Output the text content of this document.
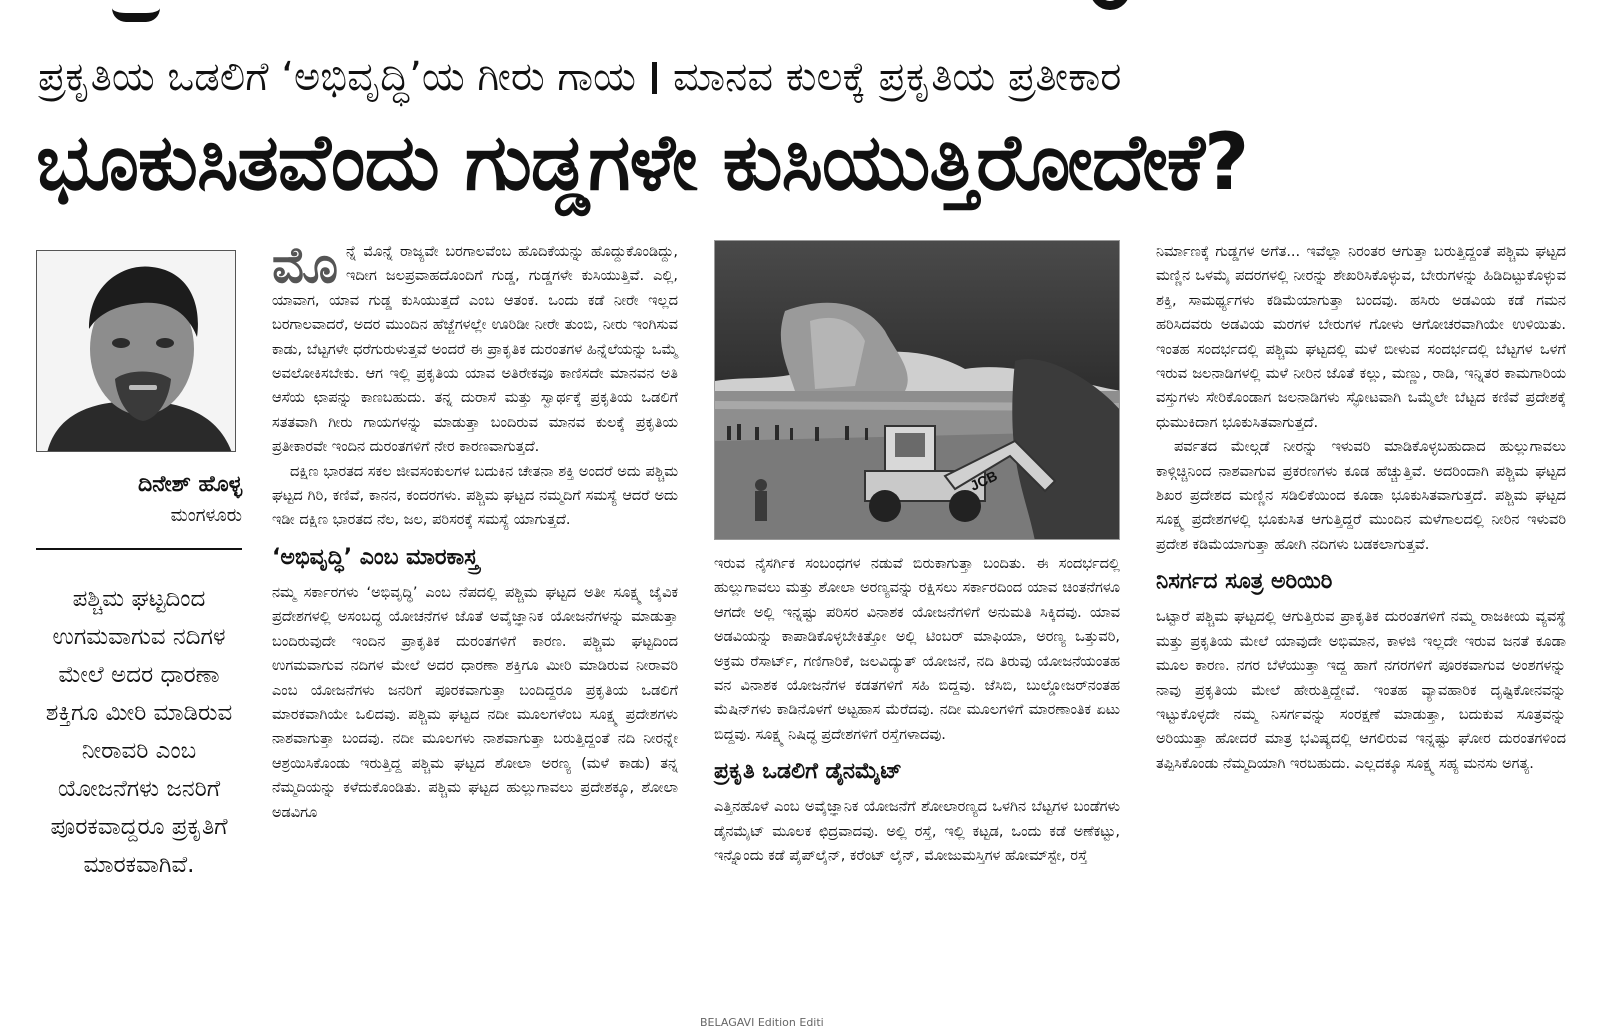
ಪ್ರಕೃತಿಯ ಒಡಲಿಗೆ ‘ಅಭಿವೃದ್ಧಿ’ಯ ಗೀರು ಗಾಯ ಮಾನವ ಕುಲಕ್ಕೆ ಪ್ರಕೃತಿಯ ಪ್ರತೀಕಾರ
ಭೂಕುಸಿತವೆಂದು ಗುಡ್ಡಗಳೇ ಕುಸಿಯುತ್ತಿರೋದೇಕೆ?
ದಿನೇಶ್ ಹೊಳ್ಳ
ಮಂಗಳೂರು
ಪಶ್ಚಿಮ ಘಟ್ಟದಿಂದ ಉಗಮವಾಗುವ ನದಿಗಳ ಮೇಲೆ ಅದರ ಧಾರಣಾ ಶಕ್ತಿಗೂ ಮೀರಿ ಮಾಡಿರುವ ನೀರಾವರಿ ಎಂಬ ಯೋಜನೆಗಳು ಜನರಿಗೆ ಪೂರಕವಾದ್ದರೂ ಪ್ರಕೃತಿಗೆ ಮಾರಕವಾಗಿವೆ.

ಮೊನ್ನೆ ಮೊನ್ನೆ ರಾಜ್ಯವೇ ಬರಗಾಲವೆಂಬ ಹೊದಿಕೆಯನ್ನು ಹೊದ್ದುಕೊಂಡಿದ್ದು, ಇದೀಗ ಜಲಪ್ರವಾಹದೊಂದಿಗೆ ಗುಡ್ಡ, ಗುಡ್ಡಗಳೇ ಕುಸಿಯುತ್ತಿವೆ. ಎಲ್ಲಿ, ಯಾವಾಗ, ಯಾವ ಗುಡ್ಡ ಕುಸಿಯುತ್ತದೆ ಎಂಬ ಆತಂಕ. ಒಂದು ಕಡೆ ನೀರೇ ಇಲ್ಲದ ಬರಗಾಲವಾದರೆ, ಅದರ ಮುಂದಿನ ಹೆಜ್ಜೆಗಳಲ್ಲೇ ಊರಿಡೀ ನೀರೇ ತುಂಬಿ, ನೀರು ಇಂಗಿಸುವ ಕಾಡು, ಬೆಟ್ಟಗಳೇ ಧರೆಗುರುಳುತ್ತವೆ ಅಂದರೆ ಈ ಪ್ರಾಕೃತಿಕ ದುರಂತಗಳ ಹಿನ್ನೆಲೆಯನ್ನು ಒಮ್ಮೆ ಅವಲೋಕಿಸಬೇಕು. ಆಗ ಇಲ್ಲಿ ಪ್ರಕೃತಿಯ ಯಾವ ಅತಿರೇಕವೂ ಕಾಣಿಸದೇ ಮಾನವನ ಅತಿ ಆಸೆಯ ಛಾಪನ್ನು ಕಾಣಬಹುದು. ತನ್ನ ದುರಾಸೆ ಮತ್ತು ಸ್ವಾರ್ಥಕ್ಕೆ ಪ್ರಕೃತಿಯ ಒಡಲಿಗೆ ಸತತವಾಗಿ ಗೀರು ಗಾಯಗಳನ್ನು ಮಾಡುತ್ತಾ ಬಂದಿರುವ ಮಾನವ ಕುಲಕ್ಕೆ ಪ್ರಕೃತಿಯ ಪ್ರತೀಕಾರವೇ ಇಂದಿನ ದುರಂತಗಳಿಗೆ ನೇರ ಕಾರಣವಾಗುತ್ತದೆ.

ದಕ್ಷಿಣ ಭಾರತದ ಸಕಲ ಜೀವಸಂಕುಲಗಳ ಬದುಕಿನ ಚೇತನಾ ಶಕ್ತಿ ಅಂದರೆ ಅದು ಪಶ್ಚಿಮ ಘಟ್ಟದ ಗಿರಿ, ಕಣಿವೆ, ಕಾನನ, ಕಂದರಗಳು. ಪಶ್ಚಿಮ ಘಟ್ಟದ ನಮ್ಮದಿಗೆ ಸಮಸ್ಯೆ ಆದರೆ ಅದು ಇಡೀ ದಕ್ಷಿಣ ಭಾರತದ ನೆಲ, ಜಲ, ಪರಿಸರಕ್ಕೆ ಸಮಸ್ಯೆ ಯಾಗುತ್ತದೆ.

‘ಅಭಿವೃದ್ಧಿ’ ಎಂಬ ಮಾರಕಾಸ್ತ್ರ

ನಮ್ಮ ಸರ್ಕಾರಗಳು ‘ಅಭಿವೃದ್ಧಿ’ ಎಂಬ ನೆಪದಲ್ಲಿ ಪಶ್ಚಿಮ ಘಟ್ಟದ ಅತೀ ಸೂಕ್ಷ್ಮ ಜೈವಿಕ ಪ್ರದೇಶಗಳಲ್ಲಿ ಅಸಂಬದ್ಧ ಯೋಚನೆಗಳ ಜೊತೆ ಅವೈಜ್ಞಾನಿಕ ಯೋಜನೆಗಳನ್ನು ಮಾಡುತ್ತಾ ಬಂದಿರುವುದೇ ಇಂದಿನ ಪ್ರಾಕೃತಿಕ ದುರಂತಗಳಿಗೆ ಕಾರಣ. ಪಶ್ಚಿಮ ಘಟ್ಟದಿಂದ ಉಗಮವಾಗುವ ನದಿಗಳ ಮೇಲೆ ಅದರ ಧಾರಣಾ ಶಕ್ತಿಗೂ ಮೀರಿ ಮಾಡಿರುವ ನೀರಾವರಿ ಎಂಬ ಯೋಜನೆಗಳು ಜನರಿಗೆ ಪೂರಕವಾಗುತ್ತಾ ಬಂದಿದ್ದರೂ ಪ್ರಕೃತಿಯ ಒಡಲಿಗೆ ಮಾರಕವಾಗಿಯೇ ಒಲಿದವು. ಪಶ್ಚಿಮ ಘಟ್ಟದ ನದೀ ಮೂಲಗಳೆಂಬ ಸೂಕ್ಷ್ಮ ಪ್ರದೇಶಗಳು ನಾಶವಾಗುತ್ತಾ ಬಂದವು. ನದೀ ಮೂಲಗಳು ನಾಶವಾಗುತ್ತಾ ಬರುತ್ತಿದ್ದಂತೆ ನದಿ ನೀರನ್ನೇ ಆಶ್ರಯಿಸಿಕೊಂಡು ಇರುತ್ತಿದ್ದ ಪಶ್ಚಿಮ ಘಟ್ಟದ ಶೋಲಾ ಅರಣ್ಯ (ಮಳೆ ಕಾಡು) ತನ್ನ ನೆಮ್ಮದಿಯನ್ನು ಕಳೆದುಕೊಂಡಿತು. ಪಶ್ಚಿಮ ಘಟ್ಟದ ಹುಲ್ಲುಗಾವಲು ಪ್ರದೇಶಕ್ಕೂ, ಶೋಲಾ ಅಡವಿಗೂ

JCB

ಇರುವ ನೈಸರ್ಗಿಕ ಸಂಬಂಧಗಳ ನಡುವೆ ಬಿರುಕಾಗುತ್ತಾ ಬಂದಿತು. ಈ ಸಂದರ್ಭದಲ್ಲಿ ಹುಲ್ಲುಗಾವಲು ಮತ್ತು ಶೋಲಾ ಅರಣ್ಯವನ್ನು ರಕ್ಷಿಸಲು ಸರ್ಕಾರದಿಂದ ಯಾವ ಚಿಂತನೆಗಳೂ ಆಗದೇ ಅಲ್ಲಿ ಇನ್ನಷ್ಟು ಪರಿಸರ ವಿನಾಶಕ ಯೋಜನೆಗಳಿಗೆ ಅನುಮತಿ ಸಿಕ್ಕಿದವು. ಯಾವ ಅಡವಿಯನ್ನು ಕಾಪಾಡಿಕೊಳ್ಳಬೇಕಿತ್ತೋ ಅಲ್ಲಿ ಟಿಂಬರ್ ಮಾಫಿಯಾ, ಅರಣ್ಯ ಒತ್ತುವರಿ, ಅಕ್ರಮ ರೆಸಾರ್ಟ್, ಗಣಿಗಾರಿಕೆ, ಜಲವಿದ್ಯುತ್ ಯೋಜನೆ, ನದಿ ತಿರುವು ಯೋಜನೆಯಂತಹ ವನ ವಿನಾಶಕ ಯೋಜನೆಗಳ ಕಡತಗಳಿಗೆ ಸಹಿ ಬಿದ್ದವು. ಜೆಸಿಬಿ, ಬುಲ್ಡೋಜರ್‌ನಂತಹ ಮೆಷಿನ್‌ಗಳು ಕಾಡಿನೊಳಗೆ ಅಟ್ಟಹಾಸ ಮೆರೆದವು. ನದೀ ಮೂಲಗಳಿಗೆ ಮಾರಣಾಂತಿಕ ಏಟು ಬಿದ್ದವು. ಸೂಕ್ಷ್ಮ ನಿಷಿದ್ಧ ಪ್ರದೇಶಗಳಿಗೆ ರಸ್ತೆಗಳಾದವು.

ಪ್ರಕೃತಿ ಒಡಲಿಗೆ ಡೈನಮೈಟ್

ಎತ್ತಿನಹೊಳೆ ಎಂಬ ಅವೈಜ್ಞಾನಿಕ ಯೋಜನೆಗೆ ಶೋಲಾರಣ್ಯದ ಒಳಗಿನ ಬೆಟ್ಟಗಳ ಬಂಡೆಗಳು ಡೈನಮೈಟ್ ಮೂಲಕ ಛಿದ್ರವಾದವು. ಅಲ್ಲಿ ರಸ್ತೆ, ಇಲ್ಲಿ ಕಟ್ಟಡ, ಒಂದು ಕಡೆ ಅಣೆಕಟ್ಟು, ಇನ್ನೊಂದು ಕಡೆ ಪೈಪ್‌ಲೈನ್, ಕರೆಂಟ್ ಲೈನ್, ಮೋಜುಮಸ್ತಿಗಳ ಹೋಮ್‌ಸ್ಟೇ, ರಸ್ತೆ

ನಿರ್ಮಾಣಕ್ಕೆ ಗುಡ್ಡಗಳ ಅಗೆತ... ಇವೆಲ್ಲಾ ನಿರಂತರ ಆಗುತ್ತಾ ಬರುತ್ತಿದ್ದಂತೆ ಪಶ್ಚಿಮ ಘಟ್ಟದ ಮಣ್ಣಿನ ಒಳಮೈ ಪದರಗಳಲ್ಲಿ ನೀರನ್ನು ಶೇಖರಿಸಿಕೊಳ್ಳುವ, ಬೇರುಗಳನ್ನು ಹಿಡಿದಿಟ್ಟುಕೊಳ್ಳುವ ಶಕ್ತಿ, ಸಾಮರ್ಥ್ಯಗಳು ಕಡಿಮೆಯಾಗುತ್ತಾ ಬಂದವು. ಹಸಿರು ಅಡವಿಯ ಕಡೆ ಗಮನ ಹರಿಸಿದವರು ಅಡವಿಯ ಮರಗಳ ಬೇರುಗಳ ಗೋಳು ಆಗೋಚರವಾಗಿಯೇ ಉಳಿಯಿತು. ಇಂತಹ ಸಂದರ್ಭದಲ್ಲಿ ಪಶ್ಚಿಮ ಘಟ್ಟದಲ್ಲಿ ಮಳೆ ಬೀಳುವ ಸಂದರ್ಭದಲ್ಲಿ ಬೆಟ್ಟಗಳ ಒಳಗೆ ಇರುವ ಜಲನಾಡಿಗಳಲ್ಲಿ ಮಳೆ ನೀರಿನ ಜೊತೆ ಕಲ್ಲು, ಮಣ್ಣು, ರಾಡಿ, ಇನ್ನಿತರ ಕಾಮಗಾರಿಯ ವಸ್ತುಗಳು ಸೇರಿಕೊಂಡಾಗ ಜಲನಾಡಿಗಳು ಸ್ಫೋಟವಾಗಿ ಒಮ್ಮೆಲೇ ಬೆಟ್ಟದ ಕಣಿವೆ ಪ್ರದೇಶಕ್ಕೆ ಧುಮುಕಿದಾಗ ಭೂಕುಸಿತವಾಗುತ್ತದೆ.

ಪರ್ವತದ ಮೇಲ್ಗಡೆ ನೀರನ್ನು ಇಳುವರಿ ಮಾಡಿಕೊಳ್ಳಬಹುದಾದ ಹುಲ್ಲುಗಾವಲು ಕಾಳ್ಗಿಚ್ಚಿನಿಂದ ನಾಶವಾಗುವ ಪ್ರಕರಣಗಳು ಕೂಡ ಹೆಚ್ಚುತ್ತಿವೆ. ಅದರಿಂದಾಗಿ ಪಶ್ಚಿಮ ಘಟ್ಟದ ಶಿಖರ ಪ್ರದೇಶದ ಮಣ್ಣಿನ ಸಡಿಲಿಕೆಯಿಂದ ಕೂಡಾ ಭೂಕುಸಿತವಾಗುತ್ತದೆ. ಪಶ್ಚಿಮ ಘಟ್ಟದ ಸೂಕ್ಷ್ಮ ಪ್ರದೇಶಗಳಲ್ಲಿ ಭೂಕುಸಿತ ಆಗುತ್ತಿದ್ದರೆ ಮುಂದಿನ ಮಳೆಗಾಲದಲ್ಲಿ ನೀರಿನ ಇಳುವರಿ ಪ್ರದೇಶ ಕಡಿಮೆಯಾಗುತ್ತಾ ಹೋಗಿ ನದಿಗಳು ಬಡಕಲಾಗುತ್ತವೆ.

ನಿಸರ್ಗದ ಸೂತ್ರ ಅರಿಯಿರಿ

ಒಟ್ಟಾರೆ ಪಶ್ಚಿಮ ಘಟ್ಟದಲ್ಲಿ ಆಗುತ್ತಿರುವ ಪ್ರಾಕೃತಿಕ ದುರಂತಗಳಿಗೆ ನಮ್ಮ ರಾಜಕೀಯ ವ್ಯವಸ್ಥೆ ಮತ್ತು ಪ್ರಕೃತಿಯ ಮೇಲೆ ಯಾವುದೇ ಅಭಿಮಾನ, ಕಾಳಜಿ ಇಲ್ಲದೇ ಇರುವ ಜನತೆ ಕೂಡಾ ಮೂಲ ಕಾರಣ. ನಗರ ಬೆಳೆಯುತ್ತಾ ಇದ್ದ ಹಾಗೆ ನಗರಗಳಿಗೆ ಪೂರಕವಾಗುವ ಅಂಶಗಳನ್ನು ನಾವು ಪ್ರಕೃತಿಯ ಮೇಲೆ ಹೇರುತ್ತಿದ್ದೇವೆ. ಇಂತಹ ವ್ಯಾವಹಾರಿಕ ದೃಷ್ಟಿಕೋನವನ್ನು ಇಟ್ಟುಕೊಳ್ಳದೇ ನಮ್ಮ ನಿಸರ್ಗವನ್ನು ಸಂರಕ್ಷಣೆ ಮಾಡುತ್ತಾ, ಬದುಕುವ ಸೂತ್ರವನ್ನು ಅರಿಯುತ್ತಾ ಹೋದರೆ ಮಾತ್ರ ಭವಿಷ್ಯದಲ್ಲಿ ಆಗಲಿರುವ ಇನ್ನಷ್ಟು ಘೋರ ದುರಂತಗಳಿಂದ ತಪ್ಪಿಸಿಕೊಂಡು ನೆಮ್ಮದಿಯಾಗಿ ಇರಬಹುದು. ಎಲ್ಲದಕ್ಕೂ ಸೂಕ್ಷ್ಮ ಸಹ್ಯ ಮನಸು ಅಗತ್ಯ.

BELAGAVI Edition Editi
